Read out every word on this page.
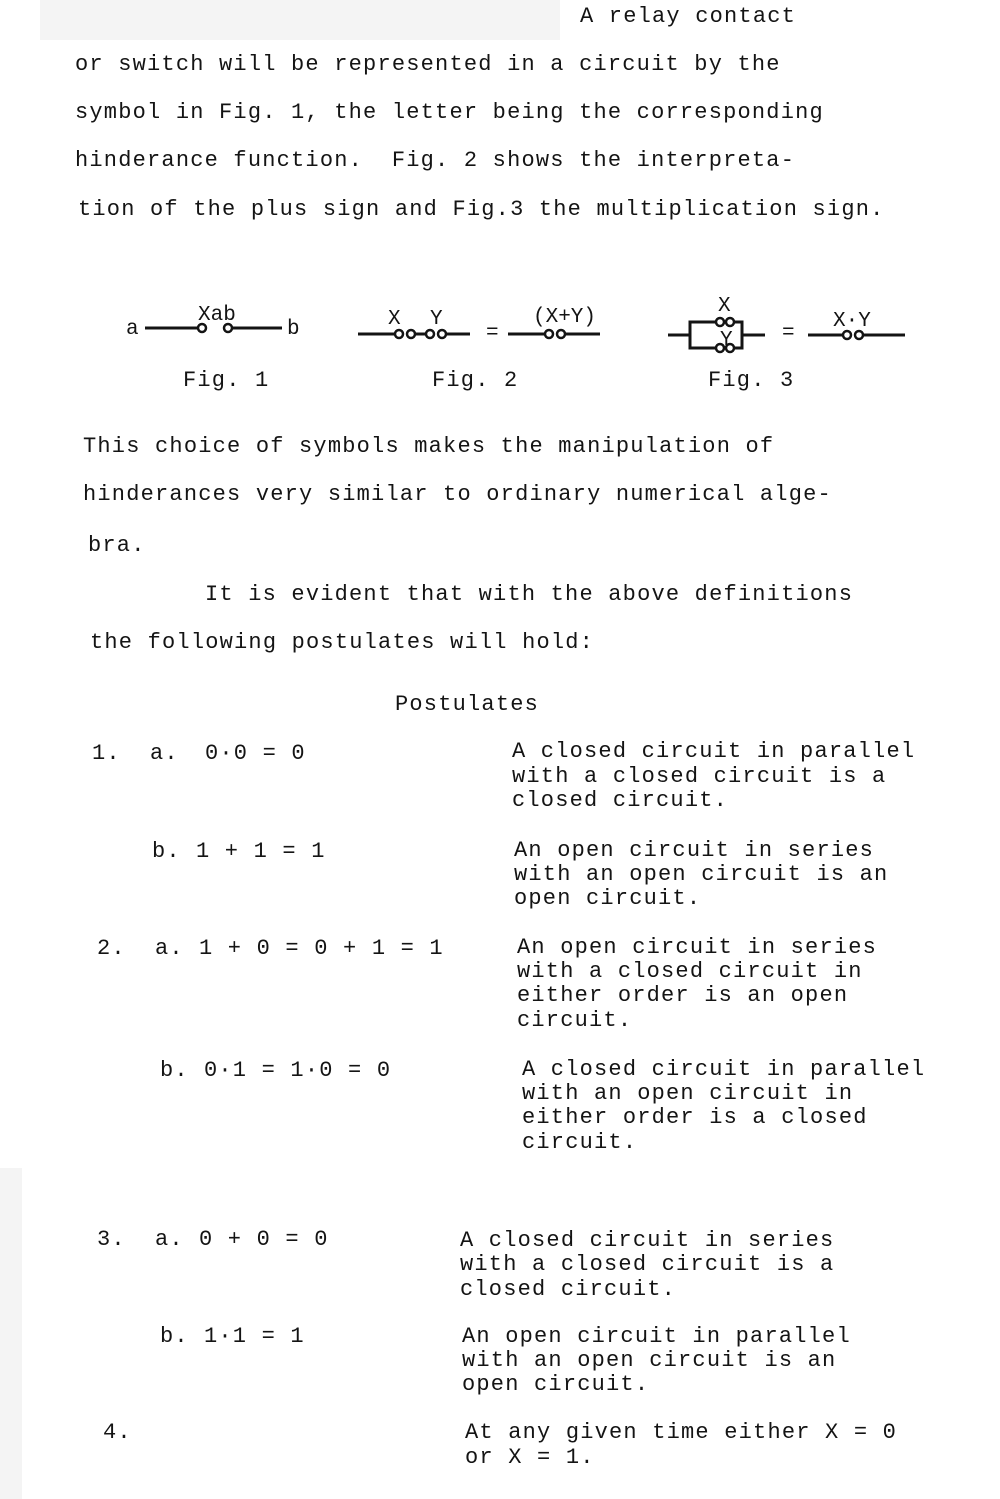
A relay contact
or switch will be represented in a circuit by the
symbol in Fig. 1, the letter being the corresponding
hinderance function.  Fig. 2 shows the interpreta-
tion of the plus sign and Fig.3 the multiplication sign.
a
Xab
b	X Y
=
(X+Y)	X
Y =
X·Y
Fig. 1	Fig. 2	Fig. 3
This choice of symbols makes the manipulation of
hinderances very similar to ordinary numerical alge-
bra.
It is evident that with the above definitions
the following postulates will hold:
Postulates
1. a. 0·0 = 0	A closed circuit in parallel
with a closed circuit is a
closed circuit.
b. 1 + 1 = 1	An open circuit in series
with an open circuit is an
open circuit.
2. a. 1 + 0 = 0 + 1 = 1	An open circuit in series
with a closed circuit in
either order is an open
circuit.
b. 0·1 = 1·0 = 0	A closed circuit in parallel
with an open circuit in
either order is a closed
circuit.
3. a. 0 + 0 = 0	A closed circuit in series
with a closed circuit is a
closed circuit.
b. 1·1 = 1	An open circuit in parallel
with an open circuit is an
open circuit.
4.	At any given time either X = 0
or X = 1.
